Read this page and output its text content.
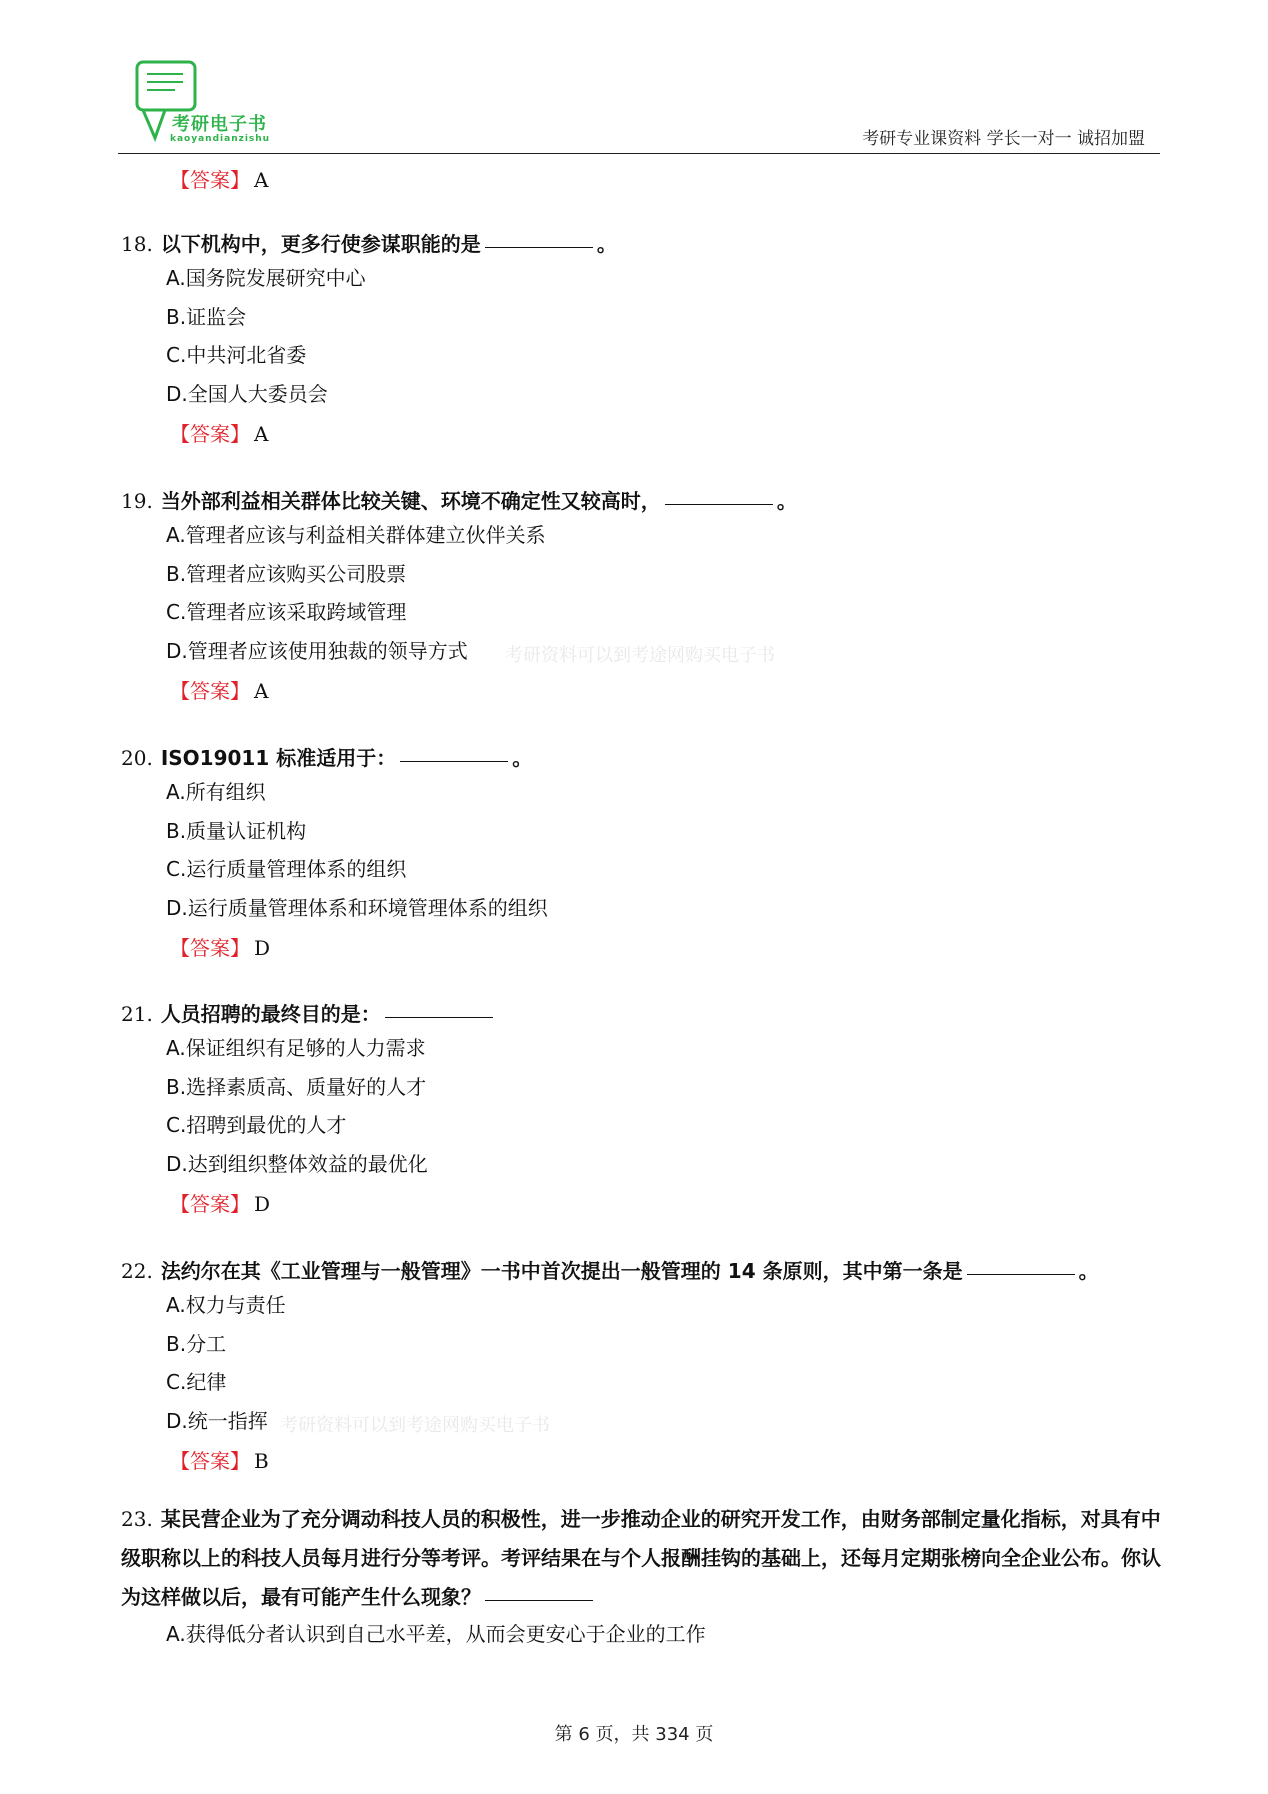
考研电子书
kaoyandianzishu	考研专业课资料 学长一对一 诚招加盟
【答案】 A
18. 以下机构中，更多行使参谋职能的是	。
A.国务院发展研究中心
B.证监会
C.中共河北省委
D.全国人大委员会
【答案】 A
19. 当外部利益相关群体比较关键、环境不确定性又较高时，	。
A.管理者应该与利益相关群体建立伙伴关系
B.管理者应该购买公司股票
C.管理者应该采取跨域管理
D.管理者应该使用独裁的领导方式
【答案】 A
20. ISO19011 标准适用于：	。
A.所有组织
B.质量认证机构
C.运行质量管理体系的组织
D.运行质量管理体系和环境管理体系的组织
【答案】 D
21. 人员招聘的最终目的是：
A.保证组织有足够的人力需求
B.选择素质高、质量好的人才
C.招聘到最优的人才
D.达到组织整体效益的最优化
【答案】 D
22. 法约尔在其《工业管理与一般管理》一书中首次提出一般管理的 14 条原则，其中第一条是	。
A.权力与责任
B.分工
C.纪律
D.统一指挥
【答案】 B
23. 某民营企业为了充分调动科技人员的积极性，进一步推动企业的研究开发工作，由财务部制定量化指标，对具有中级职称以上的科技人员每月进行分等考评。考评结果在与个人报酬挂钩的基础上，还每月定期张榜向全企业公布。你认为这样做以后，最有可能产生什么现象？
A.获得低分者认识到自己水平差，从而会更安心于企业的工作
考研资料可以到考途网购买电子书
考研资料可以到考途网购买电子书
第 6 页，共 334 页
